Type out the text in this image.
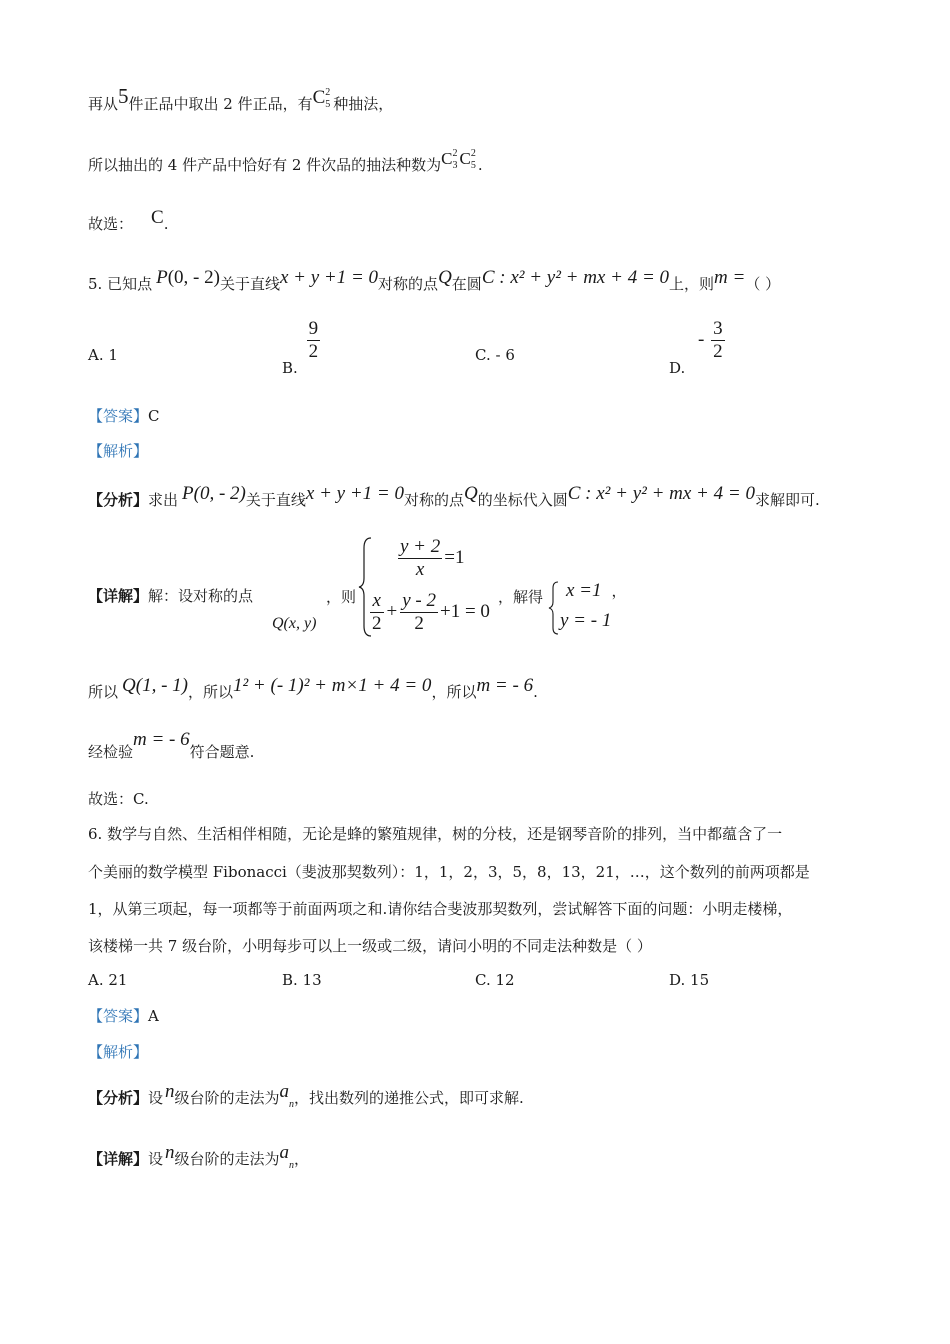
再从5件正品中取出 2 件正品，有C 2
5 种抽法，
所以抽出的 4 件产品中恰好有 2 件次品的抽法种数为C 2
3 C 2
5 .
故选： C.
5. 已知点 P(0, - 2)关于直线x + y +1 = 0对称的点Q在圆C : x² + y² + mx + 4 = 0上，则m =（ ）
A. 1
B.
$\frac{9}{2}$	C. - 6
D. - $\frac{3}{2}$
【答案】C
【解析】
【分析】求出 P(0, - 2)关于直线x + y +1 = 0对称的点Q的坐标代入圆C : x² + y² + mx + 4 = 0求解即可.
【详解】解：设对称的点
Q(x, y)
，则
$\frac{y + 2}{x} =1$
$\frac{x}{2} + \frac{y - 2}{2} +1 = 0$
，解得 x =1 ，
y = - 1
所以 Q(1, - 1)，所以1² + (- 1)² + m×1 + 4 = 0，所以m = - 6.
经检验m = - 6符合题意.
故选：C.
6. 数学与自然、生活相伴相随，无论是蜂的繁殖规律，树的分枝，还是钢琴音阶的排列，当中都蕴含了一
个美丽的数学模型 Fibonacci（斐波那契数列）：1，1，2，3，5，8，13，21，…，这个数列的前两项都是
1，从第三项起，每一项都等于前面两项之和.请你结合斐波那契数列，尝试解答下面的问题：小明走楼梯，
该楼梯一共 7 级台阶，小明每步可以上一级或二级，请问小明的不同走法种数是（ ）
A. 21	B. 13	C. 12	D. 15
【答案】A
【解析】
【分析】设 n级台阶的走法为$a_n$，找出数列的递推公式，即可求解.
【详解】设 n级台阶的走法为$a_n$，
